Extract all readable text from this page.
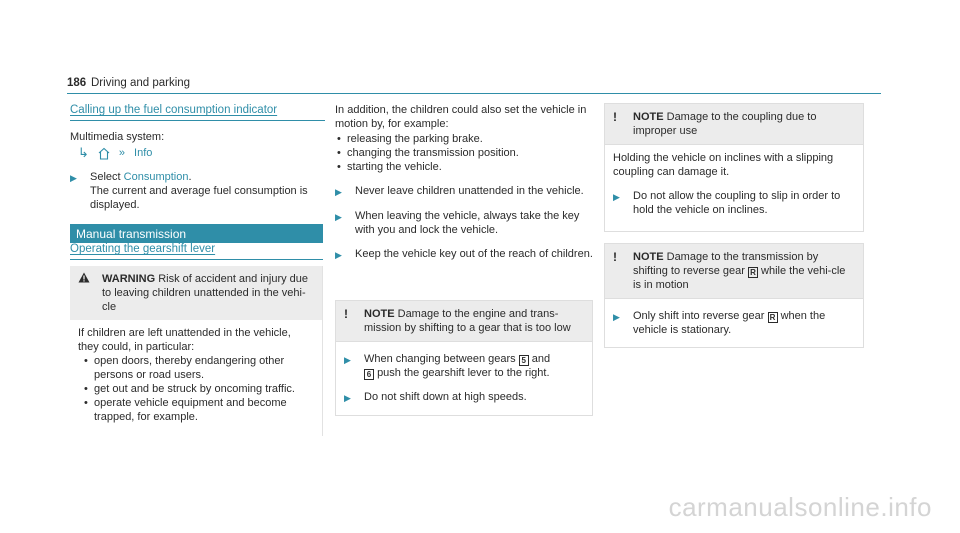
186 Driving and parking
Calling up the fuel consumption indicator
Multimedia system:
↳	» Info
▶ Select Consumption.
The current and average fuel consumption is displayed.
Manual transmission
Operating the gearshift lever
WARNING Risk of accident and injury due to leaving children unattended in the vehi-cle
If children are left unattended in the vehicle, they could, in particular:
• open doors, thereby endangering other persons or road users.
• get out and be struck by oncoming traffic.
• operate vehicle equipment and become trapped, for example.
In addition, the children could also set the vehicle in motion by, for example:
• releasing the parking brake.
• changing the transmission position.
• starting the vehicle.
▶ Never leave children unattended in the vehicle.
▶ When leaving the vehicle, always take the key with you and lock the vehicle.
▶ Keep the vehicle key out of the reach of children.
!	NOTE Damage to the engine and trans-mission by shifting to a gear that is too low
▶ When changing between gears 5 and
6 push the gearshift lever to the right.
▶ Do not shift down at high speeds.
!	NOTE Damage to the coupling due to improper use
Holding the vehicle on inclines with a slipping coupling can damage it.
▶ Do not allow the coupling to slip in order to hold the vehicle on inclines.
!	NOTE Damage to the transmission by shifting to reverse gear R while the vehi-cle is in motion
▶ Only shift into reverse gear R when the vehicle is stationary.
carmanualsonline.info
